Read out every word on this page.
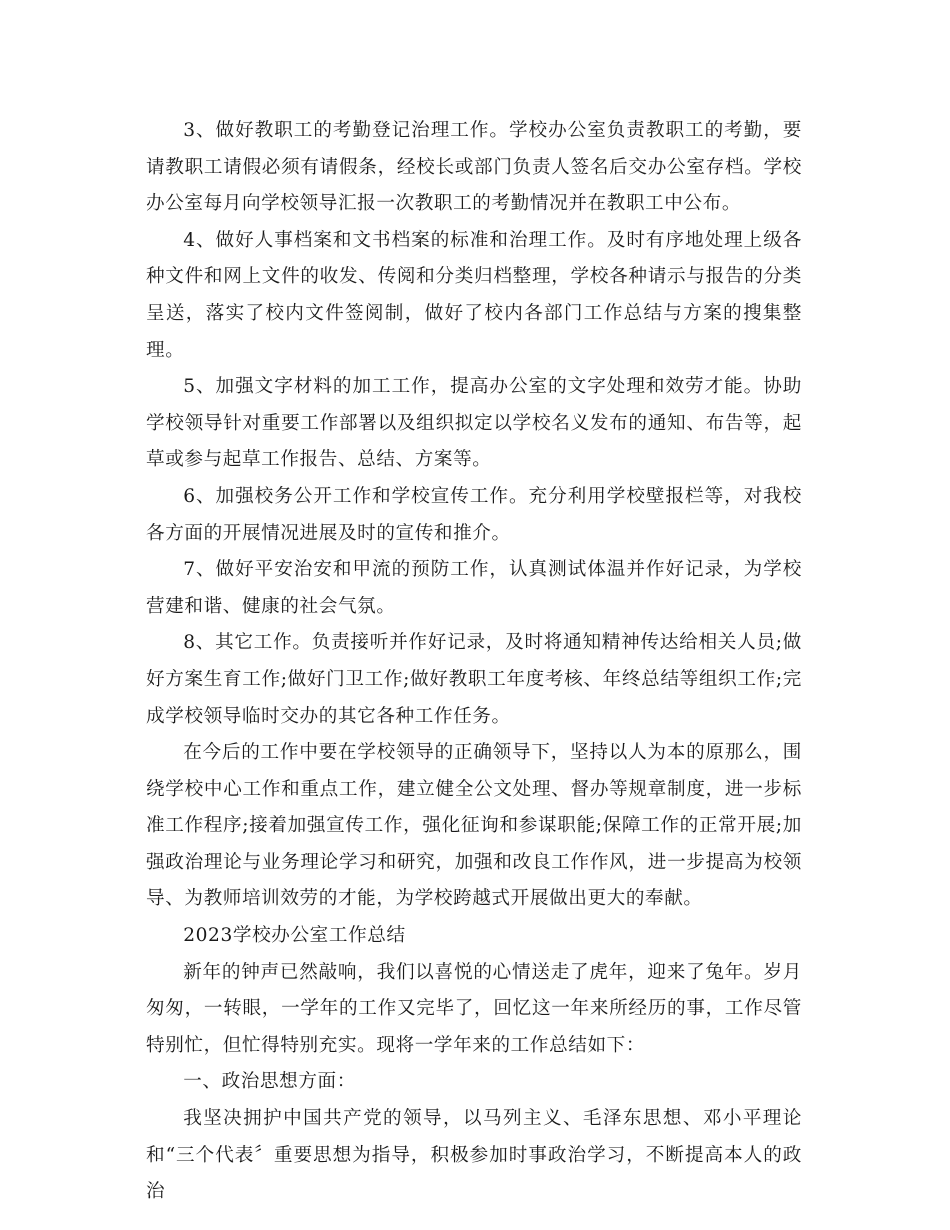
3、做好教职工的考勤登记治理工作。学校办公室负责教职工的考勤，要请教职工请假必须有请假条，经校长或部门负责人签名后交办公室存档。学校办公室每月向学校领导汇报一次教职工的考勤情况并在教职工中公布。

4、做好人事档案和文书档案的标准和治理工作。及时有序地处理上级各种文件和网上文件的收发、传阅和分类归档整理，学校各种请示与报告的分类呈送，落实了校内文件签阅制，做好了校内各部门工作总结与方案的搜集整理。

5、加强文字材料的加工工作，提高办公室的文字处理和效劳才能。协助学校领导针对重要工作部署以及组织拟定以学校名义发布的通知、布告等，起草或参与起草工作报告、总结、方案等。

6、加强校务公开工作和学校宣传工作。充分利用学校壁报栏等，对我校各方面的开展情况进展及时的宣传和推介。

7、做好平安治安和甲流的预防工作，认真测试体温并作好记录，为学校营建和谐、健康的社会气氛。

8、其它工作。负责接听并作好记录，及时将通知精神传达给相关人员;做好方案生育工作;做好门卫工作;做好教职工年度考核、年终总结等组织工作;完成学校领导临时交办的其它各种工作任务。

在今后的工作中要在学校领导的正确领导下，坚持以人为本的原那么，围绕学校中心工作和重点工作，建立健全公文处理、督办等规章制度，进一步标准工作程序;接着加强宣传工作，强化征询和参谋职能;保障工作的正常开展;加强政治理论与业务理论学习和研究，加强和改良工作作风，进一步提高为校领导、为教师培训效劳的才能，为学校跨越式开展做出更大的奉献。

2023学校办公室工作总结

新年的钟声已然敲响，我们以喜悦的心情送走了虎年，迎来了兔年。岁月匆匆，一转眼，一学年的工作又完毕了，回忆这一年来所经历的事，工作尽管特别忙，但忙得特别充实。现将一学年来的工作总结如下：

一、政治思想方面：

我坚决拥护中国共产党的领导，以马列主义、毛泽东思想、邓小平理论和“三个代表〞重要思想为指导，积极参加时事政治学习，不断提高本人的政治
